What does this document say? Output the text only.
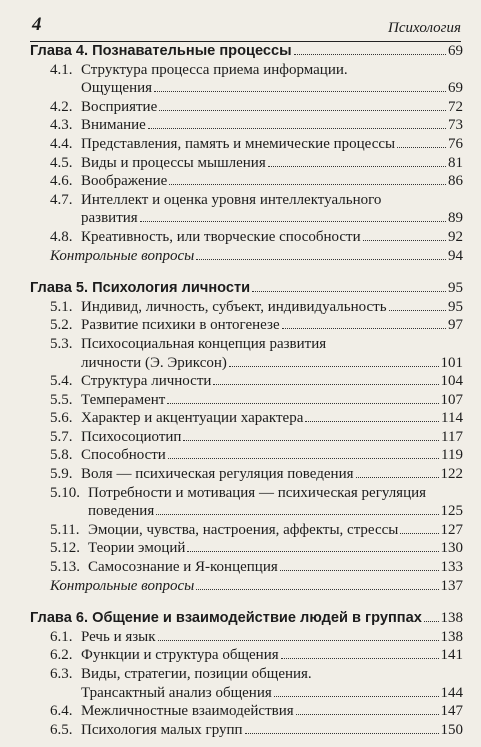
4	Психология
Глава 4. Познавательные процессы	69
4.1. Структура процесса приема информации.
Ощущения	69
4.2. Восприятие	72
4.3. Внимание	73
4.4. Представления, память и мнемические процессы	76
4.5. Виды и процессы мышления	81
4.6. Воображение	86
4.7. Интеллект и оценка уровня интеллектуального
развития	89
4.8. Креативность, или творческие способности	92
Контрольные вопросы	94
Глава 5. Психология личности	95
5.1. Индивид, личность, субъект, индивидуальность	95
5.2. Развитие психики в онтогенезе	97
5.3. Психосоциальная концепция развития
личности (Э. Эриксон)	101
5.4. Структура личности	104
5.5. Темперамент	107
5.6. Характер и акцентуации характера	114
5.7. Психосоциотип	117
5.8. Способности	119
5.9. Воля — психическая регуляция поведения	122
5.10. Потребности и мотивация — психическая регуляция
поведения	125
5.11. Эмоции, чувства, настроения, аффекты, стрессы	127
5.12. Теории эмоций	130
5.13. Самосознание и Я-концепция	133
Контрольные вопросы	137
Глава 6. Общение и взаимодействие людей в группах 138
6.1. Речь и язык	138
6.2. Функции и структура общения	141
6.3. Виды, стратегии, позиции общения.
Трансактный анализ общения	144
6.4. Межличностные взаимодействия	147
6.5. Психология малых групп	150
